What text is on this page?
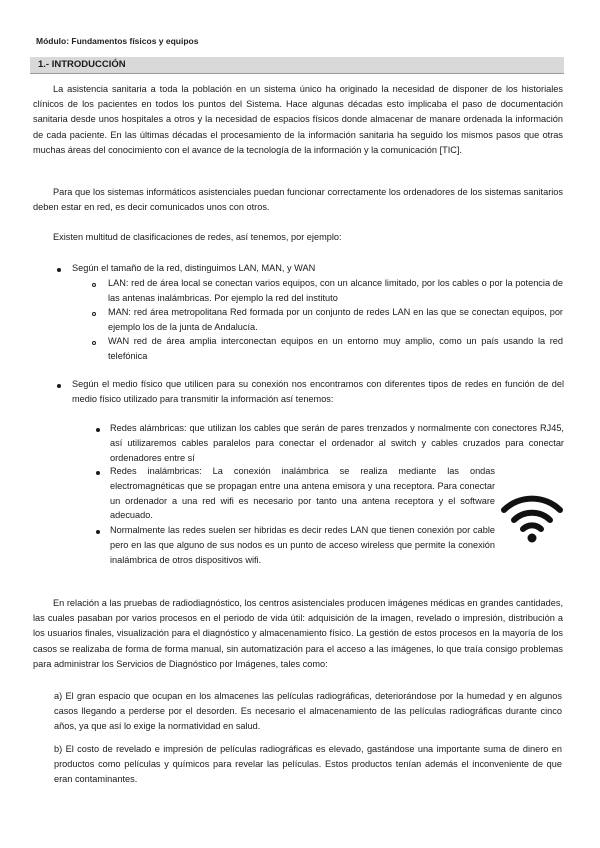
Módulo: Fundamentos físicos y equipos
1.- INTRODUCCIÓN
La asistencia sanitaria a toda la población en un sistema único ha originado la necesidad de disponer de los historiales clínicos de los pacientes en todos los puntos del Sistema. Hace algunas décadas esto implicaba el paso de documentación sanitaria desde unos hospitales a otros y la necesidad de espacios físicos donde almacenar de manare ordenada la información de cada paciente. En las últimas décadas el procesamiento de la información sanitaria ha seguido los mismos pasos que otras muchas áreas del conocimiento con el avance de la tecnología de la información y la comunicación [TIC].
Para que los sistemas informáticos asistenciales puedan funcionar correctamente los ordenadores de los sistemas sanitarios deben estar en red, es decir comunicados unos con otros.
Existen multitud de clasificaciones de redes, así tenemos, por ejemplo:
Según el tamaño de la red, distinguimos LAN, MAN, y WAN
LAN: red de área local se conectan varios equipos, con un alcance limitado, por los cables o por la potencia de las antenas inalámbricas. Por ejemplo la red del instituto
MAN: red área metropolitana Red formada por un conjunto de redes LAN en las que se conectan equipos, por ejemplo los de la junta de Andalucía.
WAN red de área amplia interconectan equipos en un entorno muy amplio, como un país usando la red telefónica
Según el medio físico que utilicen para su conexión nos encontramos con diferentes tipos de redes en función de del medio físico utilizado para transmitir la información así tenemos:
Redes alámbricas: que utilizan los cables que serán de pares trenzados y normalmente con conectores RJ45, así utilizaremos cables paralelos para conectar el ordenador al switch y cables cruzados para conectar ordenadores entre sí
Redes inalámbricas: La conexión inalámbrica se realiza mediante las ondas electromagnéticas que se propagan entre una antena emisora y una receptora. Para conectar un ordenador a una red wifi es necesario por tanto una antena receptora y el software adecuado.
Normalmente las redes suelen ser hibridas es decir redes LAN que tienen conexión por cable pero en las que alguno de sus nodos es un punto de acceso wireless que permite la conexión inalámbrica de otros dispositivos wifi.
En relación a las pruebas de radiodiagnóstico, los centros asistenciales producen imágenes médicas en grandes cantidades, las cuales pasaban por varios procesos en el periodo de vida útil: adquisición de la imagen, revelado o impresión, distribución a los usuarios finales, visualización para el diagnóstico y almacenamiento físico. La gestión de estos procesos en la mayoría de los casos se realizaba de forma de forma manual, sin automatización para el acceso a las imágenes, lo que traía consigo problemas para administrar los Servicios de Diagnóstico por Imágenes, tales como:
a) El gran espacio que ocupan en los almacenes las películas radiográficas, deteriorándose por la humedad y en algunos casos llegando a perderse por el desorden. Es necesario el almacenamiento de las películas radiográficas durante cinco años, ya que así lo exige la normatividad en salud.
b) El costo de revelado e impresión de películas radiográficas es elevado, gastándose una importante suma de dinero en productos como películas y químicos para revelar las películas. Estos productos tenían además el inconveniente de que eran contaminantes.
